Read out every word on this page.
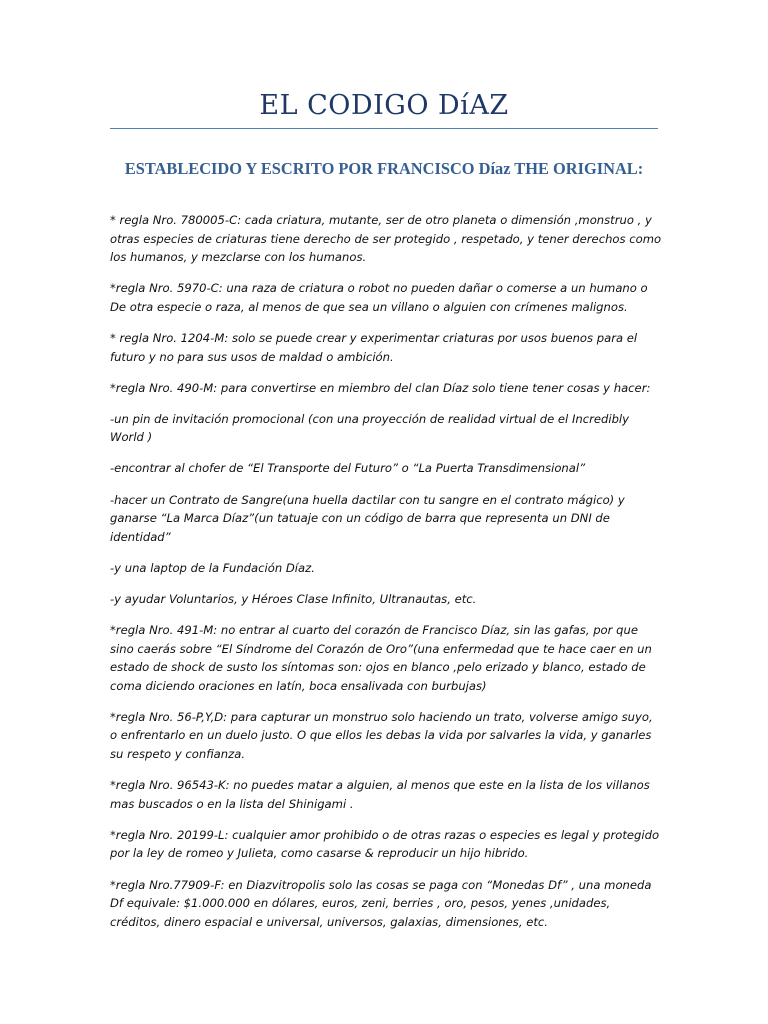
EL CODIGO DíAZ
ESTABLECIDO Y ESCRITO POR FRANCISCO Díaz THE ORIGINAL:

* regla Nro. 780005-C: cada criatura, mutante, ser de otro planeta o dimensión ,monstruo , y otras especies de criaturas tiene derecho de ser protegido , respetado, y tener derechos como los humanos, y mezclarse con los humanos.

*regla Nro. 5970-C: una raza de criatura o robot no pueden dañar o comerse a un humano o De otra especie o raza, al menos de que sea un villano o alguien con crímenes malignos.

* regla Nro. 1204-M: solo se puede crear y experimentar criaturas por usos buenos para el futuro y no para sus usos de maldad o ambición.

*regla Nro. 490-M: para convertirse en miembro del clan Díaz solo tiene tener cosas y hacer:

-un pin de invitación promocional (con una proyección de realidad virtual de el Incredibly World )

-encontrar al chofer de “El Transporte del Futuro” o “La Puerta Transdimensional”

-hacer un Contrato de Sangre(una huella dactilar con tu sangre en el contrato mágico) y ganarse “La Marca Díaz”(un tatuaje con un código de barra que representa un DNI de identidad”

-y una laptop de la Fundación Díaz.

-y ayudar Voluntarios, y Héroes Clase Infinito, Ultranautas, etc.

*regla Nro. 491-M: no entrar al cuarto del corazón de Francisco Díaz, sin las gafas, por que sino caerás sobre “El Síndrome del Corazón de Oro”(una enfermedad que te hace caer en un estado de shock de susto los síntomas son: ojos en blanco ,pelo erizado y blanco, estado de coma diciendo oraciones en latín, boca ensalivada con burbujas)

*regla Nro. 56-P,Y,D: para capturar un monstruo solo haciendo un trato, volverse amigo suyo, o enfrentarlo en un duelo justo. O que ellos les debas la vida por salvarles la vida, y ganarles su respeto y confianza.

*regla Nro. 96543-K: no puedes matar a alguien, al menos que este en la lista de los villanos mas buscados o en la lista del Shinigami .

*regla Nro. 20199-L: cualquier amor prohibido o de otras razas o especies es legal y protegido por la ley de romeo y Julieta, como casarse & reproducir un hijo hibrido.

*regla Nro.77909-F: en Diazvitropolis solo las cosas se paga con “Monedas Df” , una moneda Df equivale: $1.000.000 en dólares, euros, zeni, berries , oro, pesos, yenes ,unidades, créditos, dinero espacial e universal, universos, galaxias, dimensiones, etc.
